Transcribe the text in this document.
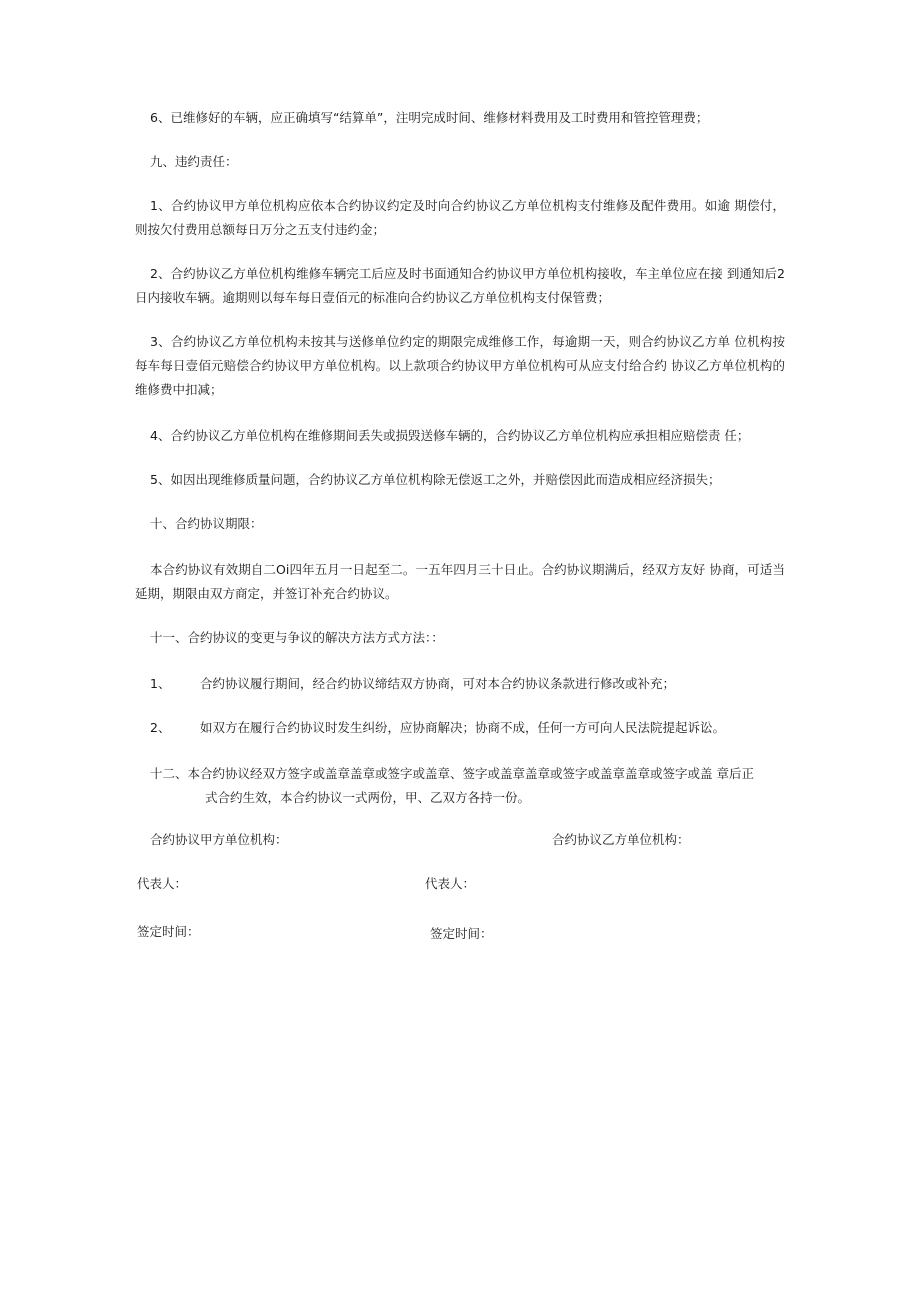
6、已维修好的车辆，应正确填写“结算单”，注明完成时间、维修材料费用及工时费用和管控管理费；
九、违约责任：
1、合约协议甲方单位机构应依本合约协议约定及时向合约协议乙方单位机构支付维修及配件费用。如逾 期偿付，则按欠付费用总额每日万分之五支付违约金；
2、合约协议乙方单位机构维修车辆完工后应及时书面通知合约协议甲方单位机构接收，车主单位应在接 到通知后2日内接收车辆。逾期则以每车每日壹佰元的标准向合约协议乙方单位机构支付保管费；
3、合约协议乙方单位机构未按其与送修单位约定的期限完成维修工作，每逾期一天，则合约协议乙方单 位机构按每车每日壹佰元赔偿合约协议甲方单位机构。以上款项合约协议甲方单位机构可从应支付给合约 协议乙方单位机构的维修费中扣减；
4、合约协议乙方单位机构在维修期间丢失或损毁送修车辆的，合约协议乙方单位机构应承担相应赔偿责 任；
5、如因出现维修质量问题，合约协议乙方单位机构除无偿返工之外，并赔偿因此而造成相应经济损失；
十、合约协议期限：
本合约协议有效期自二Oi四年五月一日起至二。一五年四月三十日止。合约协议期满后，经双方友好 协商，可适当延期，期限由双方商定，并签订补充合约协议。
十一、合约协议的变更与争议的解决方法方式方法：：
1、 合约协议履行期间，经合约协议缔结双方协商，可对本合约协议条款进行修改或补充；
2、 如双方在履行合约协议时发生纠纷，应协商解决；协商不成，任何一方可向人民法院提起诉讼。
十二、本合约协议经双方签字或盖章盖章或签字或盖章、签字或盖章盖章或签字或盖章盖章或签字或盖 章后正
式合约生效，本合约协议一式两份，甲、乙双方各持一份。
合约协议甲方单位机构：	合约协议乙方单位机构：
代表人：	代表人：
签定时间：	签定时间：
